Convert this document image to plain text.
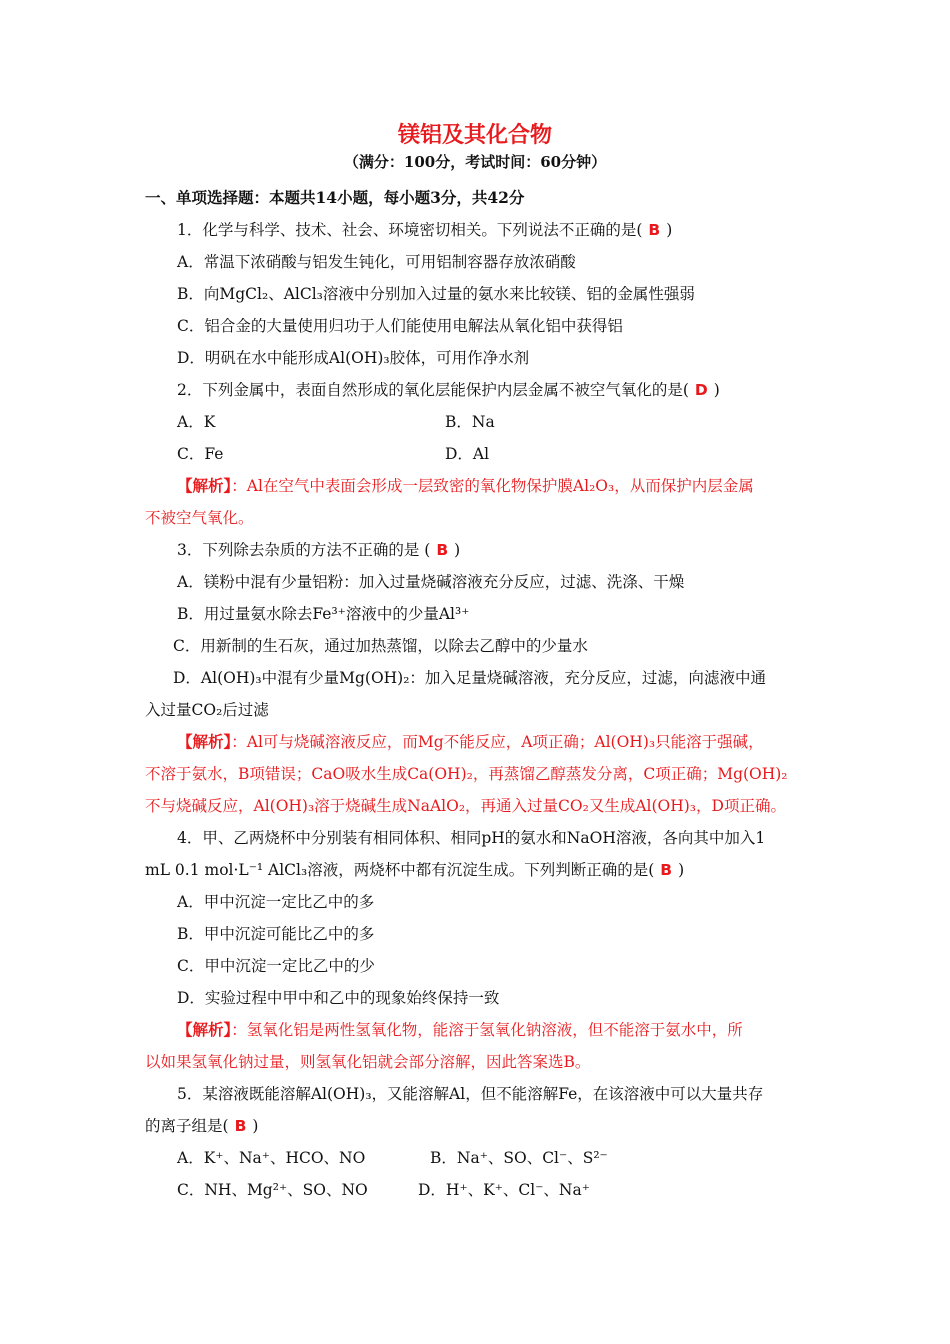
镁铝及其化合物
（满分：100分，考试时间：60分钟）
一、单项选择题：本题共14小题，每小题3分，共42分
1．化学与科学、技术、社会、环境密切相关。下列说法不正确的是( B )
A．常温下浓硝酸与铝发生钝化，可用铝制容器存放浓硝酸
B．向MgCl₂、AlCl₃溶液中分别加入过量的氨水来比较镁、铝的金属性强弱
C．铝合金的大量使用归功于人们能使用电解法从氧化铝中获得铝
D．明矾在水中能形成Al(OH)₃胶体，可用作净水剂
2．下列金属中，表面自然形成的氧化层能保护内层金属不被空气氧化的是( D )
A．K	B．Na
C．Fe	D．Al
【解析】：Al在空气中表面会形成一层致密的氧化物保护膜Al₂O₃，从而保护内层金属
不被空气氧化。
3．下列除去杂质的方法不正确的是 ( B )
A．镁粉中混有少量铝粉：加入过量烧碱溶液充分反应，过滤、洗涤、干燥
B．用过量氨水除去Fe³⁺溶液中的少量Al³⁺
C．用新制的生石灰，通过加热蒸馏，以除去乙醇中的少量水
D．Al(OH)₃中混有少量Mg(OH)₂：加入足量烧碱溶液，充分反应，过滤，向滤液中通
入过量CO₂后过滤
【解析】：Al可与烧碱溶液反应，而Mg不能反应，A项正确；Al(OH)₃只能溶于强碱，
不溶于氨水，B项错误；CaO吸水生成Ca(OH)₂，再蒸馏乙醇蒸发分离，C项正确；Mg(OH)₂
不与烧碱反应，Al(OH)₃溶于烧碱生成NaAlO₂，再通入过量CO₂又生成Al(OH)₃，D项正确。
4．甲、乙两烧杯中分别装有相同体积、相同pH的氨水和NaOH溶液，各向其中加入1
mL 0.1 mol·L⁻¹ AlCl₃溶液，两烧杯中都有沉淀生成。下列判断正确的是( B )
A．甲中沉淀一定比乙中的多
B．甲中沉淀可能比乙中的多
C．甲中沉淀一定比乙中的少
D．实验过程中甲中和乙中的现象始终保持一致
【解析】：氢氧化铝是两性氢氧化物，能溶于氢氧化钠溶液，但不能溶于氨水中，所
以如果氢氧化钠过量，则氢氧化铝就会部分溶解，因此答案选B。
5．某溶液既能溶解Al(OH)₃，又能溶解Al，但不能溶解Fe，在该溶液中可以大量共存
的离子组是( B )
A．K⁺、Na⁺、HCO、NO	B．Na⁺、SO、Cl⁻、S²⁻
C．NH、Mg²⁺、SO、NO	D．H⁺、K⁺、Cl⁻、Na⁺
